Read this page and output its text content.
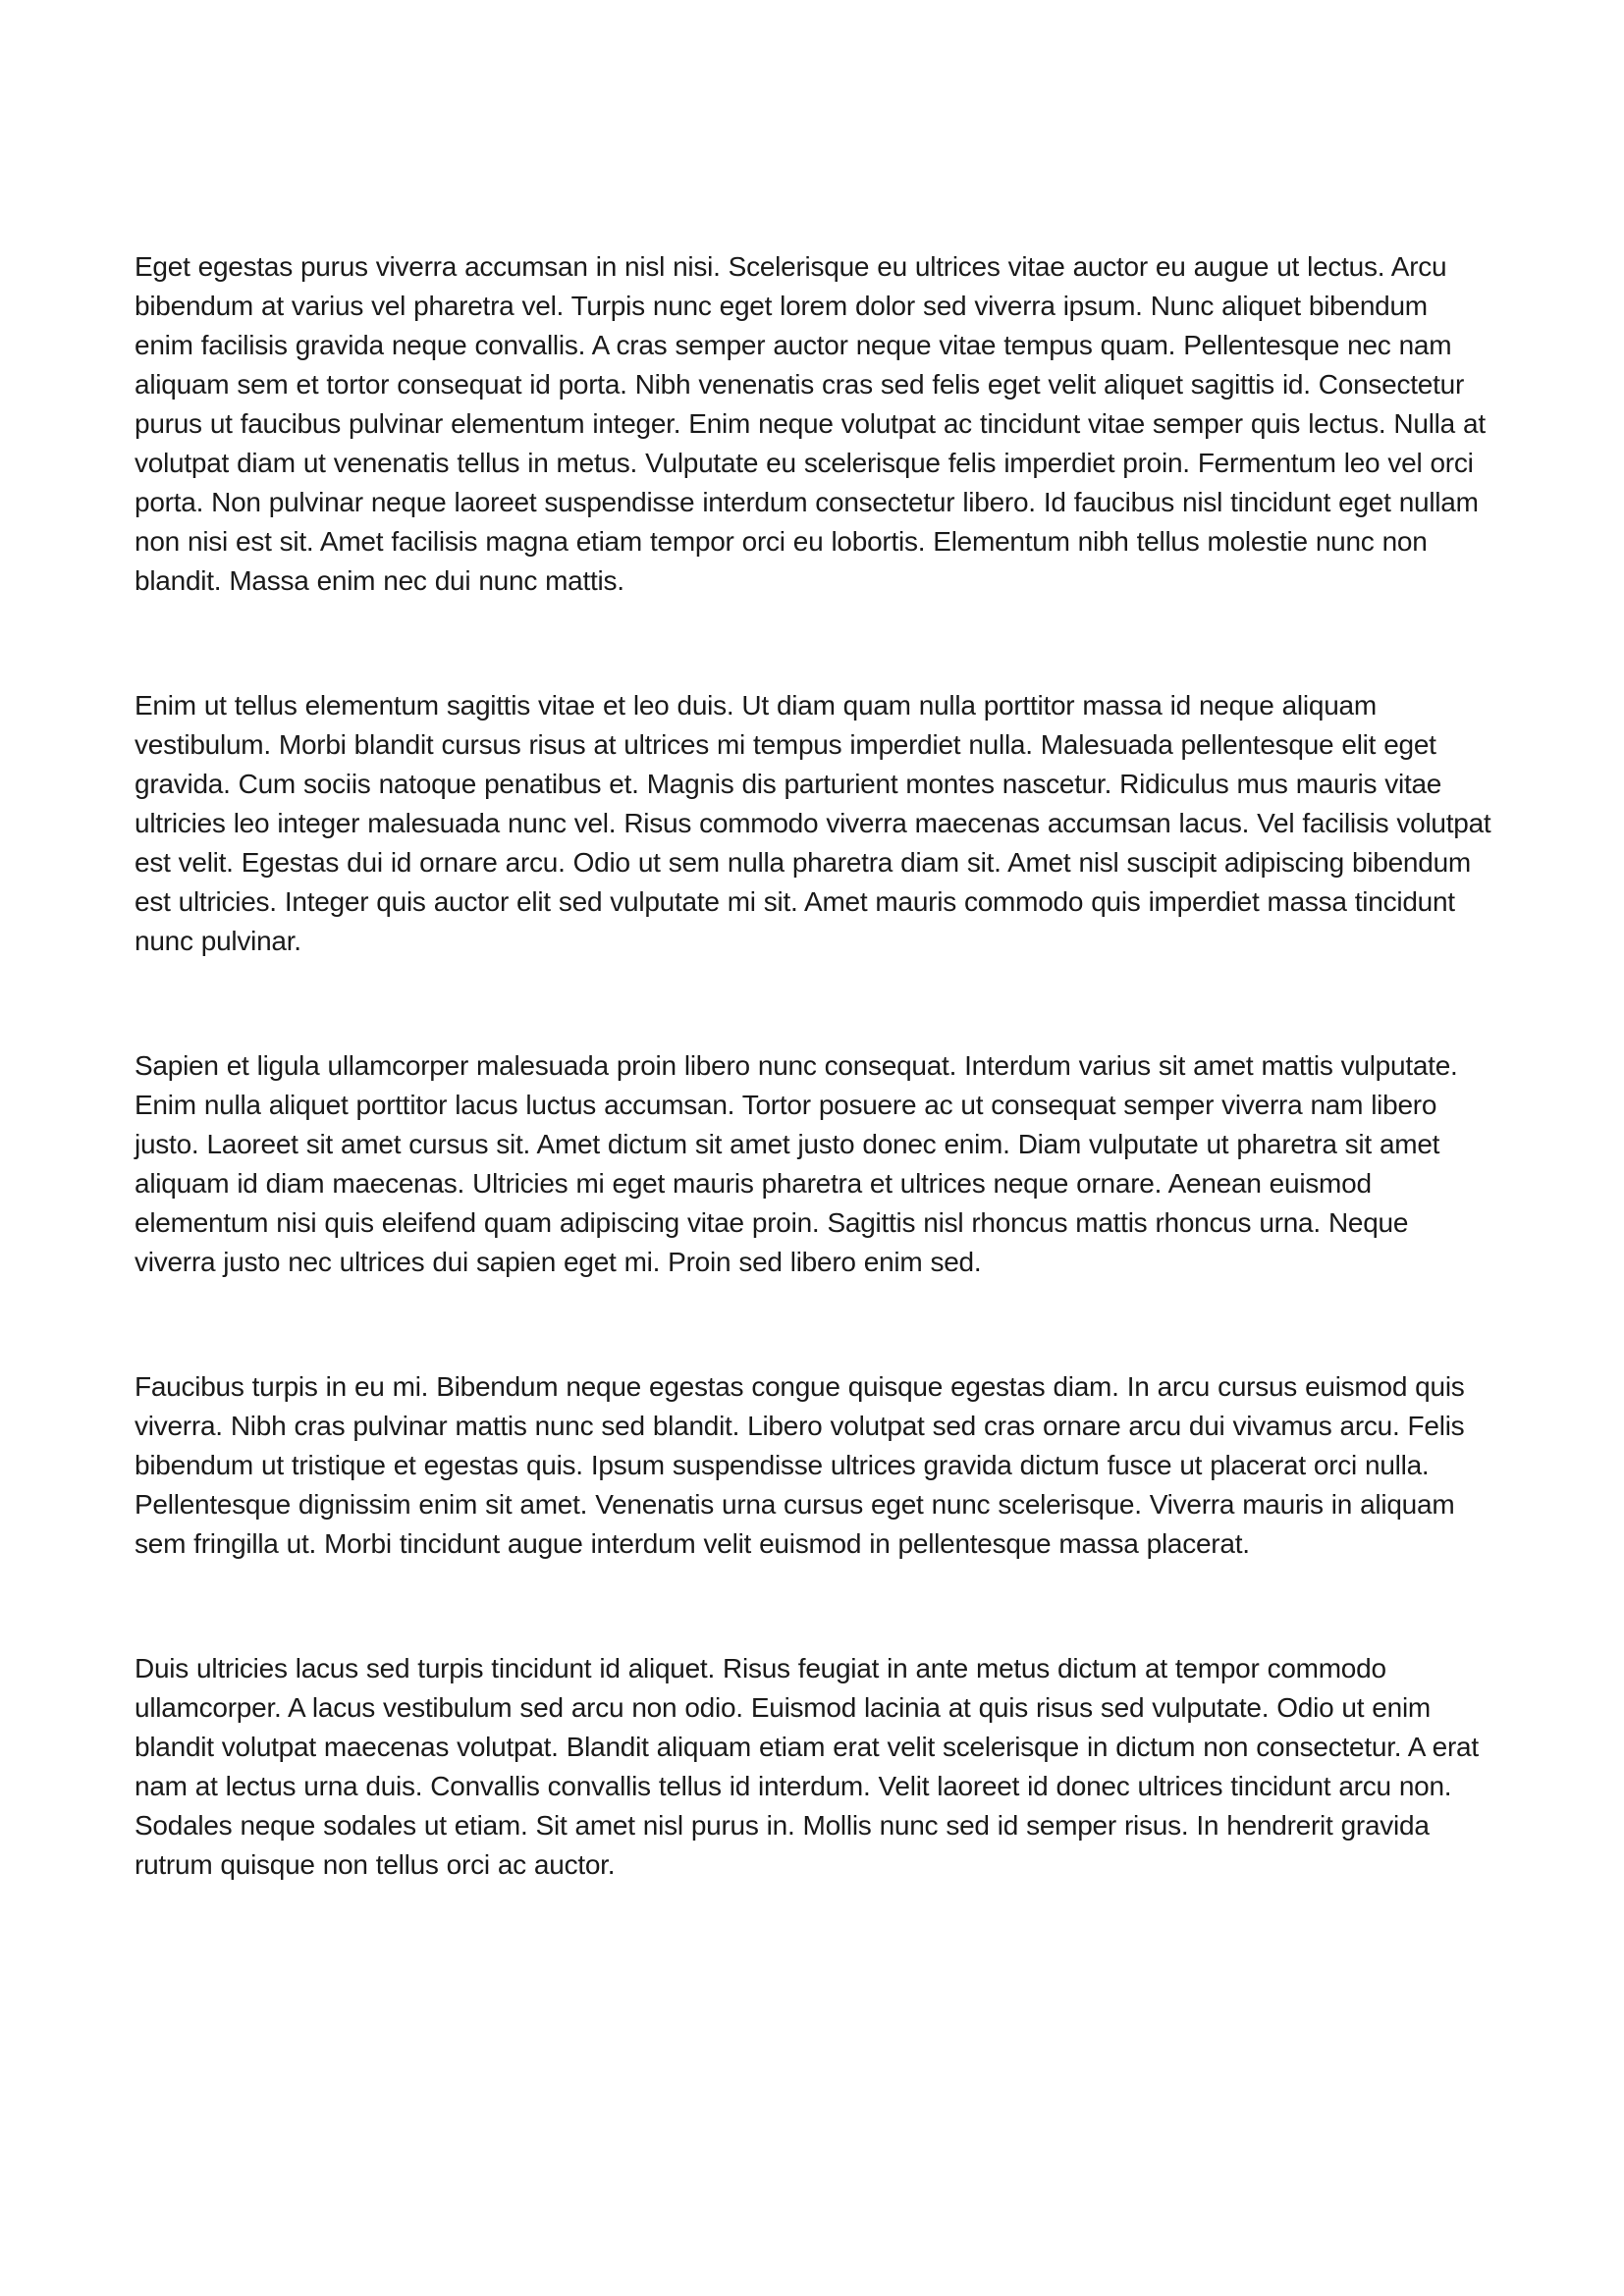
Eget egestas purus viverra accumsan in nisl nisi. Scelerisque eu ultrices vitae auctor eu augue ut lectus. Arcu bibendum at varius vel pharetra vel. Turpis nunc eget lorem dolor sed viverra ipsum. Nunc aliquet bibendum enim facilisis gravida neque convallis. A cras semper auctor neque vitae tempus quam. Pellentesque nec nam aliquam sem et tortor consequat id porta. Nibh venenatis cras sed felis eget velit aliquet sagittis id. Consectetur purus ut faucibus pulvinar elementum integer. Enim neque volutpat ac tincidunt vitae semper quis lectus. Nulla at volutpat diam ut venenatis tellus in metus. Vulputate eu scelerisque felis imperdiet proin. Fermentum leo vel orci porta. Non pulvinar neque laoreet suspendisse interdum consectetur libero. Id faucibus nisl tincidunt eget nullam non nisi est sit. Amet facilisis magna etiam tempor orci eu lobortis. Elementum nibh tellus molestie nunc non blandit. Massa enim nec dui nunc mattis.

Enim ut tellus elementum sagittis vitae et leo duis. Ut diam quam nulla porttitor massa id neque aliquam vestibulum. Morbi blandit cursus risus at ultrices mi tempus imperdiet nulla. Malesuada pellentesque elit eget gravida. Cum sociis natoque penatibus et. Magnis dis parturient montes nascetur. Ridiculus mus mauris vitae ultricies leo integer malesuada nunc vel. Risus commodo viverra maecenas accumsan lacus. Vel facilisis volutpat est velit. Egestas dui id ornare arcu. Odio ut sem nulla pharetra diam sit. Amet nisl suscipit adipiscing bibendum est ultricies. Integer quis auctor elit sed vulputate mi sit. Amet mauris commodo quis imperdiet massa tincidunt nunc pulvinar.

Sapien et ligula ullamcorper malesuada proin libero nunc consequat. Interdum varius sit amet mattis vulputate. Enim nulla aliquet porttitor lacus luctus accumsan. Tortor posuere ac ut consequat semper viverra nam libero justo. Laoreet sit amet cursus sit. Amet dictum sit amet justo donec enim. Diam vulputate ut pharetra sit amet aliquam id diam maecenas. Ultricies mi eget mauris pharetra et ultrices neque ornare. Aenean euismod elementum nisi quis eleifend quam adipiscing vitae proin. Sagittis nisl rhoncus mattis rhoncus urna. Neque viverra justo nec ultrices dui sapien eget mi. Proin sed libero enim sed.

Faucibus turpis in eu mi. Bibendum neque egestas congue quisque egestas diam. In arcu cursus euismod quis viverra. Nibh cras pulvinar mattis nunc sed blandit. Libero volutpat sed cras ornare arcu dui vivamus arcu. Felis bibendum ut tristique et egestas quis. Ipsum suspendisse ultrices gravida dictum fusce ut placerat orci nulla. Pellentesque dignissim enim sit amet. Venenatis urna cursus eget nunc scelerisque. Viverra mauris in aliquam sem fringilla ut. Morbi tincidunt augue interdum velit euismod in pellentesque massa placerat.

Duis ultricies lacus sed turpis tincidunt id aliquet. Risus feugiat in ante metus dictum at tempor commodo ullamcorper. A lacus vestibulum sed arcu non odio. Euismod lacinia at quis risus sed vulputate. Odio ut enim blandit volutpat maecenas volutpat. Blandit aliquam etiam erat velit scelerisque in dictum non consectetur. A erat nam at lectus urna duis. Convallis convallis tellus id interdum. Velit laoreet id donec ultrices tincidunt arcu non. Sodales neque sodales ut etiam. Sit amet nisl purus in. Mollis nunc sed id semper risus. In hendrerit gravida rutrum quisque non tellus orci ac auctor.
